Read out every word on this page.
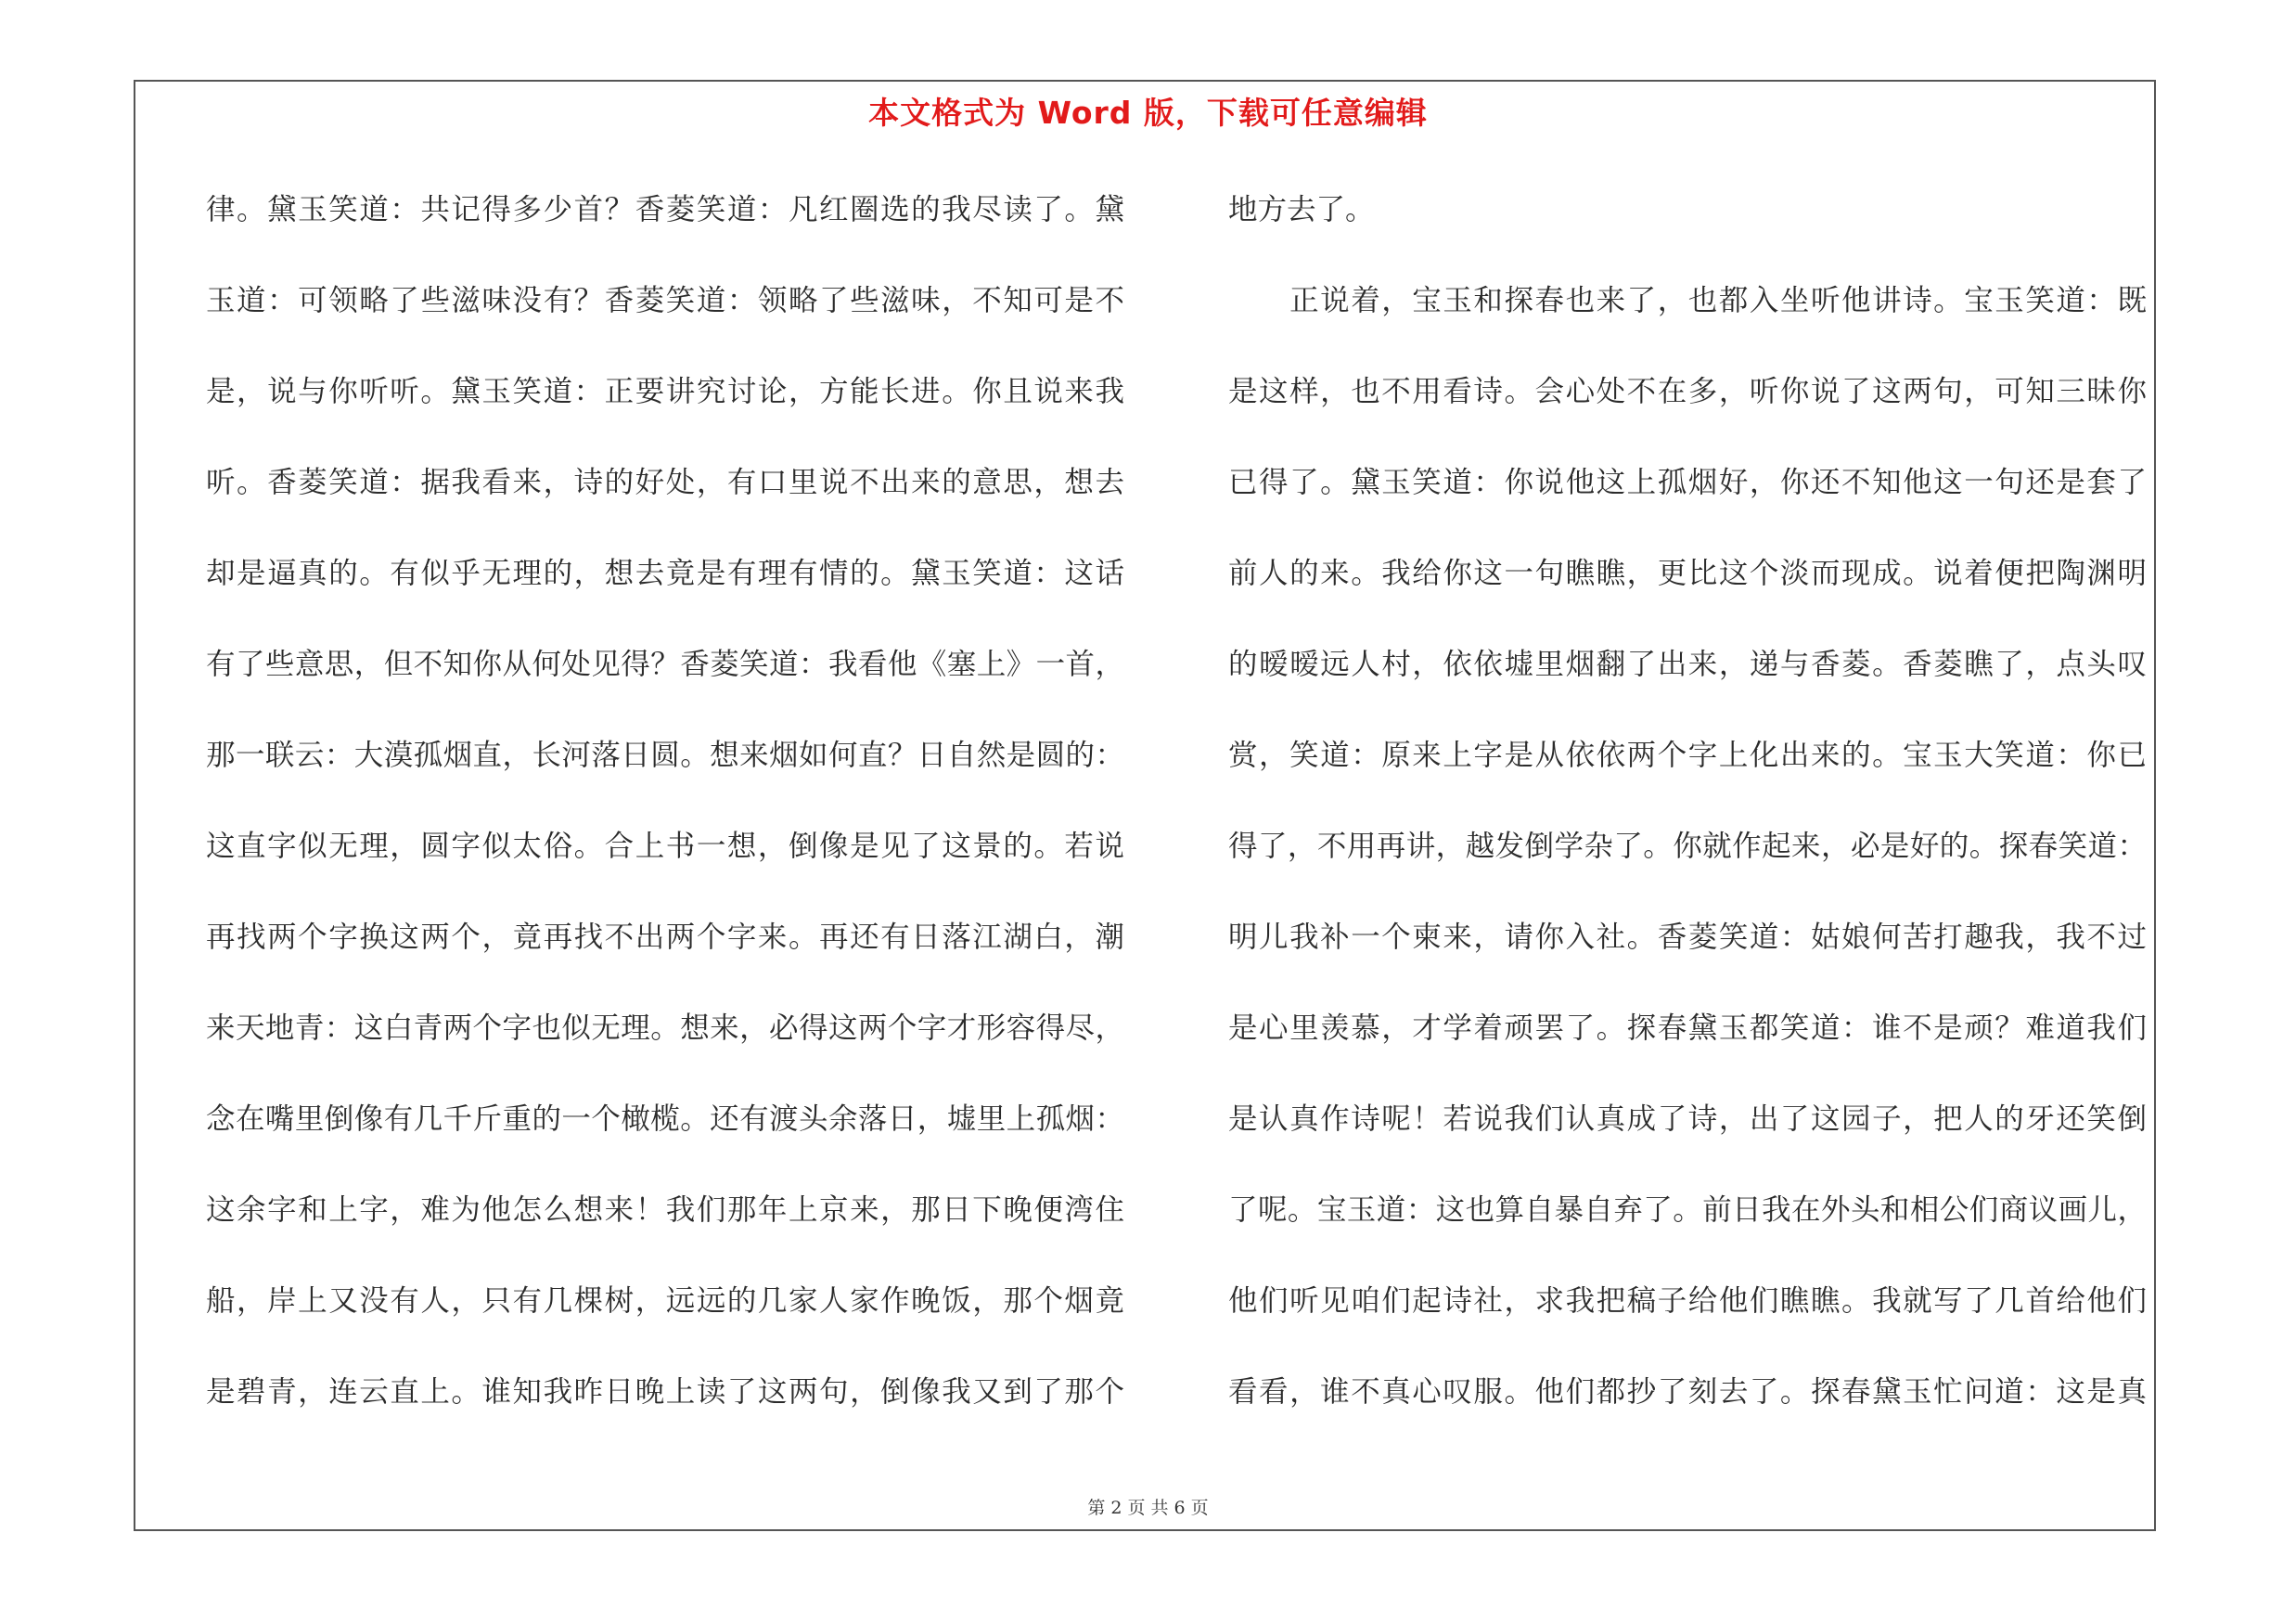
本文格式为 Word 版，下载可任意编辑
律。黛玉笑道：共记得多少首？香菱笑道：凡红圈选的我尽读了。黛
玉道：可领略了些滋味没有？香菱笑道：领略了些滋味，不知可是不
是，说与你听听。黛玉笑道：正要讲究讨论，方能长进。你且说来我
听。香菱笑道：据我看来，诗的好处，有口里说不出来的意思，想去
却是逼真的。有似乎无理的，想去竟是有理有情的。黛玉笑道：这话
有了些意思，但不知你从何处见得？香菱笑道：我看他《塞上》一首，
那一联云：大漠孤烟直，长河落日圆。想来烟如何直？日自然是圆的：
这直字似无理，圆字似太俗。合上书一想，倒像是见了这景的。若说
再找两个字换这两个，竟再找不出两个字来。再还有日落江湖白，潮
来天地青：这白青两个字也似无理。想来，必得这两个字才形容得尽，
念在嘴里倒像有几千斤重的一个橄榄。还有渡头余落日，墟里上孤烟：
这余字和上字，难为他怎么想来！我们那年上京来，那日下晚便湾住
船，岸上又没有人，只有几棵树，远远的几家人家作晚饭，那个烟竟
是碧青，连云直上。谁知我昨日晚上读了这两句，倒像我又到了那个
地方去了。
　　正说着，宝玉和探春也来了，也都入坐听他讲诗。宝玉笑道：既
是这样，也不用看诗。会心处不在多，听你说了这两句，可知三昧你
已得了。黛玉笑道：你说他这上孤烟好，你还不知他这一句还是套了
前人的来。我给你这一句瞧瞧，更比这个淡而现成。说着便把陶渊明
的暧暧远人村，依依墟里烟翻了出来，递与香菱。香菱瞧了，点头叹
赏，笑道：原来上字是从依依两个字上化出来的。宝玉大笑道：你已
得了，不用再讲，越发倒学杂了。你就作起来，必是好的。探春笑道：
明儿我补一个柬来，请你入社。香菱笑道：姑娘何苦打趣我，我不过
是心里羡慕，才学着顽罢了。探春黛玉都笑道：谁不是顽？难道我们
是认真作诗呢！若说我们认真成了诗，出了这园子，把人的牙还笑倒
了呢。宝玉道：这也算自暴自弃了。前日我在外头和相公们商议画儿，
他们听见咱们起诗社，求我把稿子给他们瞧瞧。我就写了几首给他们
看看，谁不真心叹服。他们都抄了刻去了。探春黛玉忙问道：这是真
第 2 页 共 6 页
